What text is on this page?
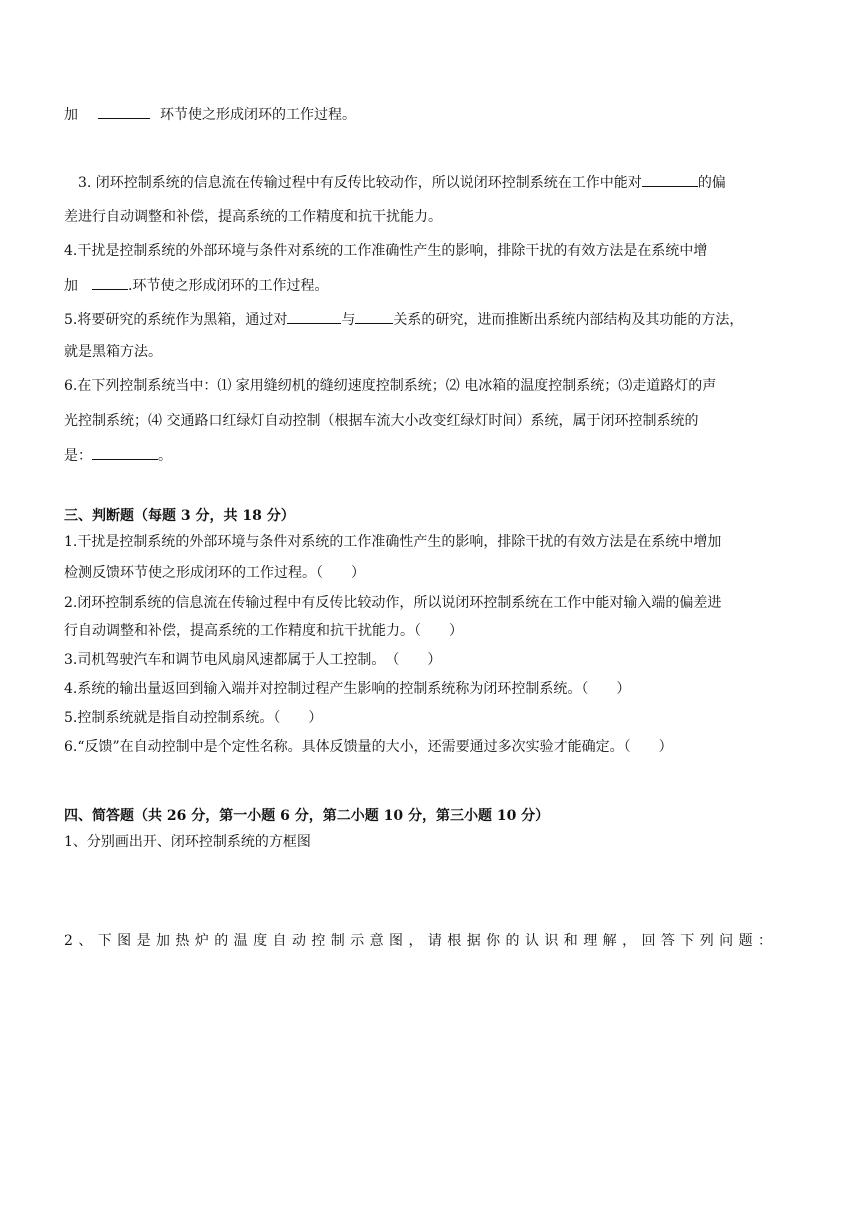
加	环节使之形成闭环的工作过程。
3. 闭环控制系统的信息流在传输过程中有反传比较动作，所以说闭环控制系统在工作中能对	的偏
差进行自动调整和补偿，提高系统的工作精度和抗干扰能力。
4.干扰是控制系统的外部环境与条件对系统的工作准确性产生的影响，排除干扰的有效方法是在系统中增
加	.环节使之形成闭环的工作过程。
5.将要研究的系统作为黑箱，通过对	与	关系的研究，进而推断出系统内部结构及其功能的方法，
就是黑箱方法。
6.在下列控制系统当中：⑴ 家用缝纫机的缝纫速度控制系统；⑵ 电冰箱的温度控制系统；⑶走道路灯的声
光控制系统；⑷ 交通路口红绿灯自动控制（根据车流大小改变红绿灯时间）系统，属于闭环控制系统的
是：	。
三、判断题（每题 3 分，共 18 分）
1.干扰是控制系统的外部环境与条件对系统的工作准确性产生的影响，排除干扰的有效方法是在系统中增加
检测反馈环节使之形成闭环的工作过程。（　　）
2.闭环控制系统的信息流在传输过程中有反传比较动作，所以说闭环控制系统在工作中能对输入端的偏差进
行自动调整和补偿，提高系统的工作精度和抗干扰能力。（　　）
3.司机驾驶汽车和调节电风扇风速都属于人工控制。　（　　）
4.系统的输出量返回到输入端并对控制过程产生影响的控制系统称为闭环控制系统。（　　）
5.控制系统就是指自动控制系统。（　　）
6.“反馈”在自动控制中是个定性名称。具体反馈量的大小，还需要通过多次实验才能确定。（　　）
四、简答题（共 26 分，第一小题 6 分，第二小题 10 分，第三小题 10 分）
1、分别画出开、闭环控制系统的方框图
2、下图是加热炉的温度自动控制示意图，请根据你的认识和理解，回答下列问题：
